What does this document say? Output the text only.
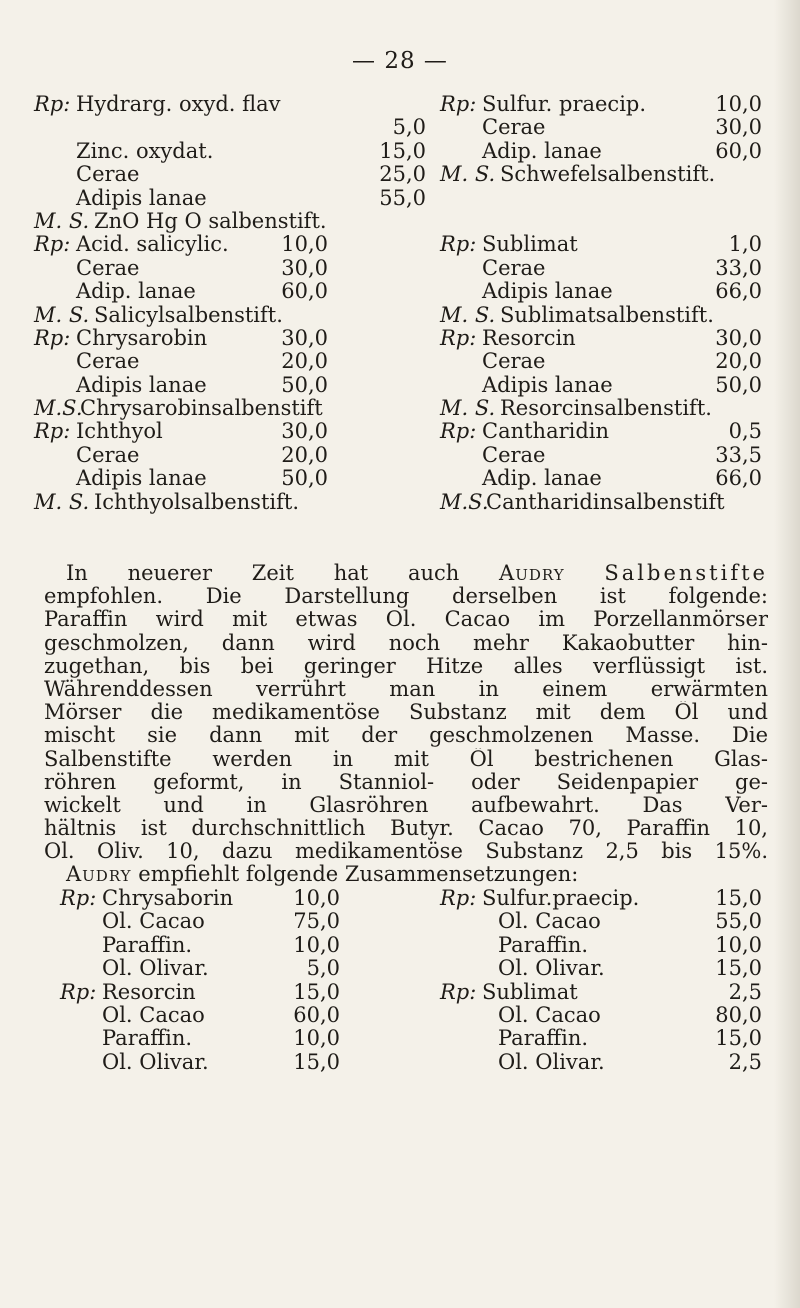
— 28 —
Rp: Hydrarg. oxyd. flav
5,0
Zinc. oxydat.	15,0
Cerae	25,0
Adipis lanae	55,0
M. S. ZnO Hg O salbenstift.
Rp: Acid. salicylic.	10,0
Cerae	30,0
Adip. lanae	60,0
M. S. Salicylsalbenstift.
Rp: Chrysarobin	30,0
Cerae	20,0
Adipis lanae	50,0
M.S.
Chrysarobinsalbenstift
Rp: Ichthyol	30,0
Cerae	20,0
Adipis lanae	50,0
M. S. Ichthyolsalbenstift.
Rp: Sulfur. praecip.	10,0
Cerae	30,0
Adip. lanae	60,0
M. S. Schwefelsalbenstift.
Rp: Sublimat	1,0
Cerae	33,0
Adipis lanae	66,0
M. S. Sublimatsalbenstift.
Rp: Resorcin	30,0
Cerae	20,0
Adipis lanae	50,0
M. S. Resorcinsalbenstift.
Rp: Cantharidin	0,5
Cerae	33,5
Adip. lanae	66,0
M.S.
Cantharidinsalbenstift
In neuerer Zeit hat auch Audry Salbenstifte
empfohlen. Die Darstellung derselben ist folgende:
Paraffin wird mit etwas Ol. Cacao im Porzellanmörser
geschmolzen, dann wird noch mehr Kakaobutter hin-
zugethan, bis bei geringer Hitze alles verflüssigt ist.
Währenddessen verrührt man in einem erwärmten
Mörser die medikamentöse Substanz mit dem Öl und
mischt sie dann mit der geschmolzenen Masse. Die
Salbenstifte werden in mit Öl bestrichenen Glas-
röhren geformt, in Stanniol- oder Seidenpapier ge-
wickelt und in Glasröhren aufbewahrt. Das Ver-
hältnis ist durchschnittlich Butyr. Cacao 70, Paraffin 10,
Ol. Oliv. 10, dazu medikamentöse Substanz 2,5 bis 15%.
Audry empfiehlt folgende Zusammensetzungen:
Rp: Chrysaborin	10,0
Ol. Cacao	75,0
Paraffin.	10,0
Ol. Olivar.	5,0
Rp: Resorcin	15,0
Ol. Cacao	60,0
Paraffin.	10,0
Ol. Olivar.	15,0
Rp: Sulfur.praecip.	15,0
Ol. Cacao	55,0
Paraffin.	10,0
Ol. Olivar.	15,0
Rp: Sublimat	2,5
Ol. Cacao	80,0
Paraffin.	15,0
Ol. Olivar.	2,5
